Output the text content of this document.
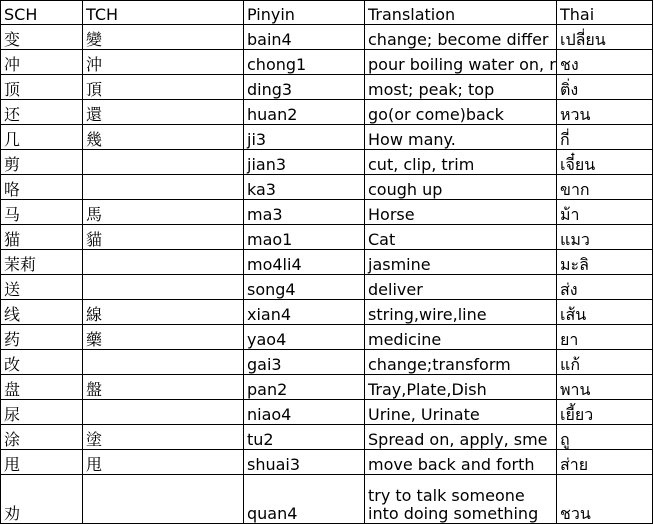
SCH	TCH	Pinyin	Translation	Thai
变	變	bain4	change; become differ	เปลี่ยน
冲	沖	chong1	pour boiling water on, r	ชง
顶	頂	ding3	most; peak; top	ติ่ง
还	還	huan2	go(or come)back	หวน
几	幾	ji3	How many.	กี่
剪		jian3	cut, clip, trim	เจี๋ยน
咯		ka3	cough up	ขาก
马	馬	ma3	Horse	ม้า
猫	貓	mao1	Cat	แมว
茉莉		mo4li4	jasmine	มะลิ
送		song4	deliver	ส่ง
线	線	xian4	string,wire,line	เส้น
药	藥	yao4	medicine	ยา
改		gai3	change;transform	แก้
盘	盤	pan2	Tray,Plate,Dish	พาน
尿		niao4	Urine, Urinate	เยี้ยว
涂	塗	tu2	Spread on, apply, sme	ถู
甩	甩	shuai3	move back and forth	ส่าย
劝		quan4	try to talk someone into doing something	ชวน
